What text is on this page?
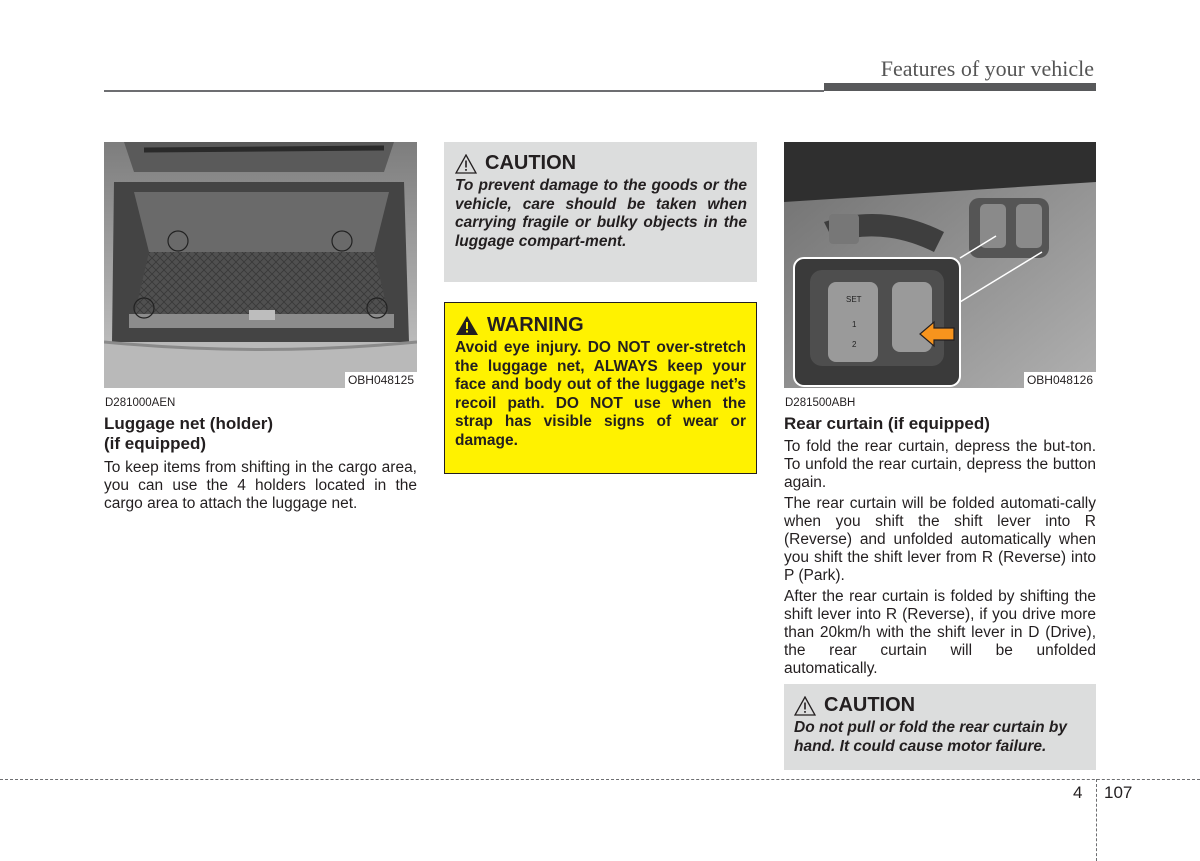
Features of your vehicle
OBH048125
D281000AEN
Luggage net (holder)
(if equipped)
To keep items from shifting in the cargo area, you can use the 4 holders located in the cargo area to attach the luggage net.
CAUTION
To prevent damage to the goods or the vehicle, care should be taken when carrying fragile or bulky objects in the luggage compart-ment.
WARNING
Avoid eye injury. DO NOT over-stretch the luggage net, ALWAYS keep your face and body out of the luggage net’s recoil path. DO NOT use when the strap has visible signs of wear or damage.
SET
1
2
OBH048126
D281500ABH
Rear curtain (if equipped)

To fold the rear curtain, depress the but-ton. To unfold the rear curtain, depress the button again.

The rear curtain will be folded automati-cally when you shift the shift lever into R (Reverse) and unfolded automatically when you shift the shift lever from R (Reverse) into P (Park).

After the rear curtain is folded by shifting the shift lever into R (Reverse), if you drive more than 20km/h with the shift lever in D (Drive), the rear curtain will be unfolded automatically.

CAUTION
Do not pull or fold the rear curtain by hand. It could cause motor failure.
4 107
